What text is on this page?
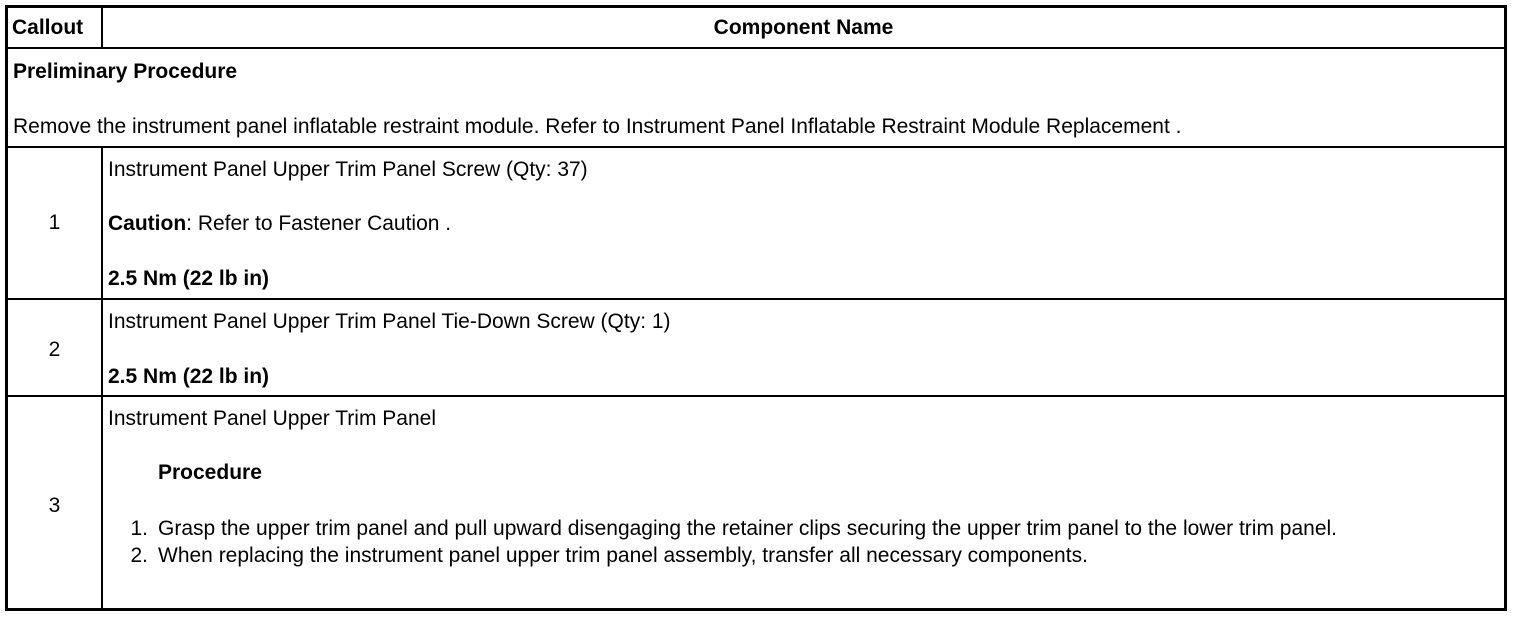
Callout	Component Name
Preliminary Procedure
Remove the instrument panel inflatable restraint module. Refer to Instrument Panel Inflatable Restraint Module Replacement .
1
Instrument Panel Upper Trim Panel Screw (Qty: 37)
Caution: Refer to Fastener Caution .
2.5 Nm (22 lb in)
2
Instrument Panel Upper Trim Panel Tie-Down Screw (Qty: 1)
2.5 Nm (22 lb in)
3
Instrument Panel Upper Trim Panel
Procedure
1. Grasp the upper trim panel and pull upward disengaging the retainer clips securing the upper trim panel to the lower trim panel.
2. When replacing the instrument panel upper trim panel assembly, transfer all necessary components.
